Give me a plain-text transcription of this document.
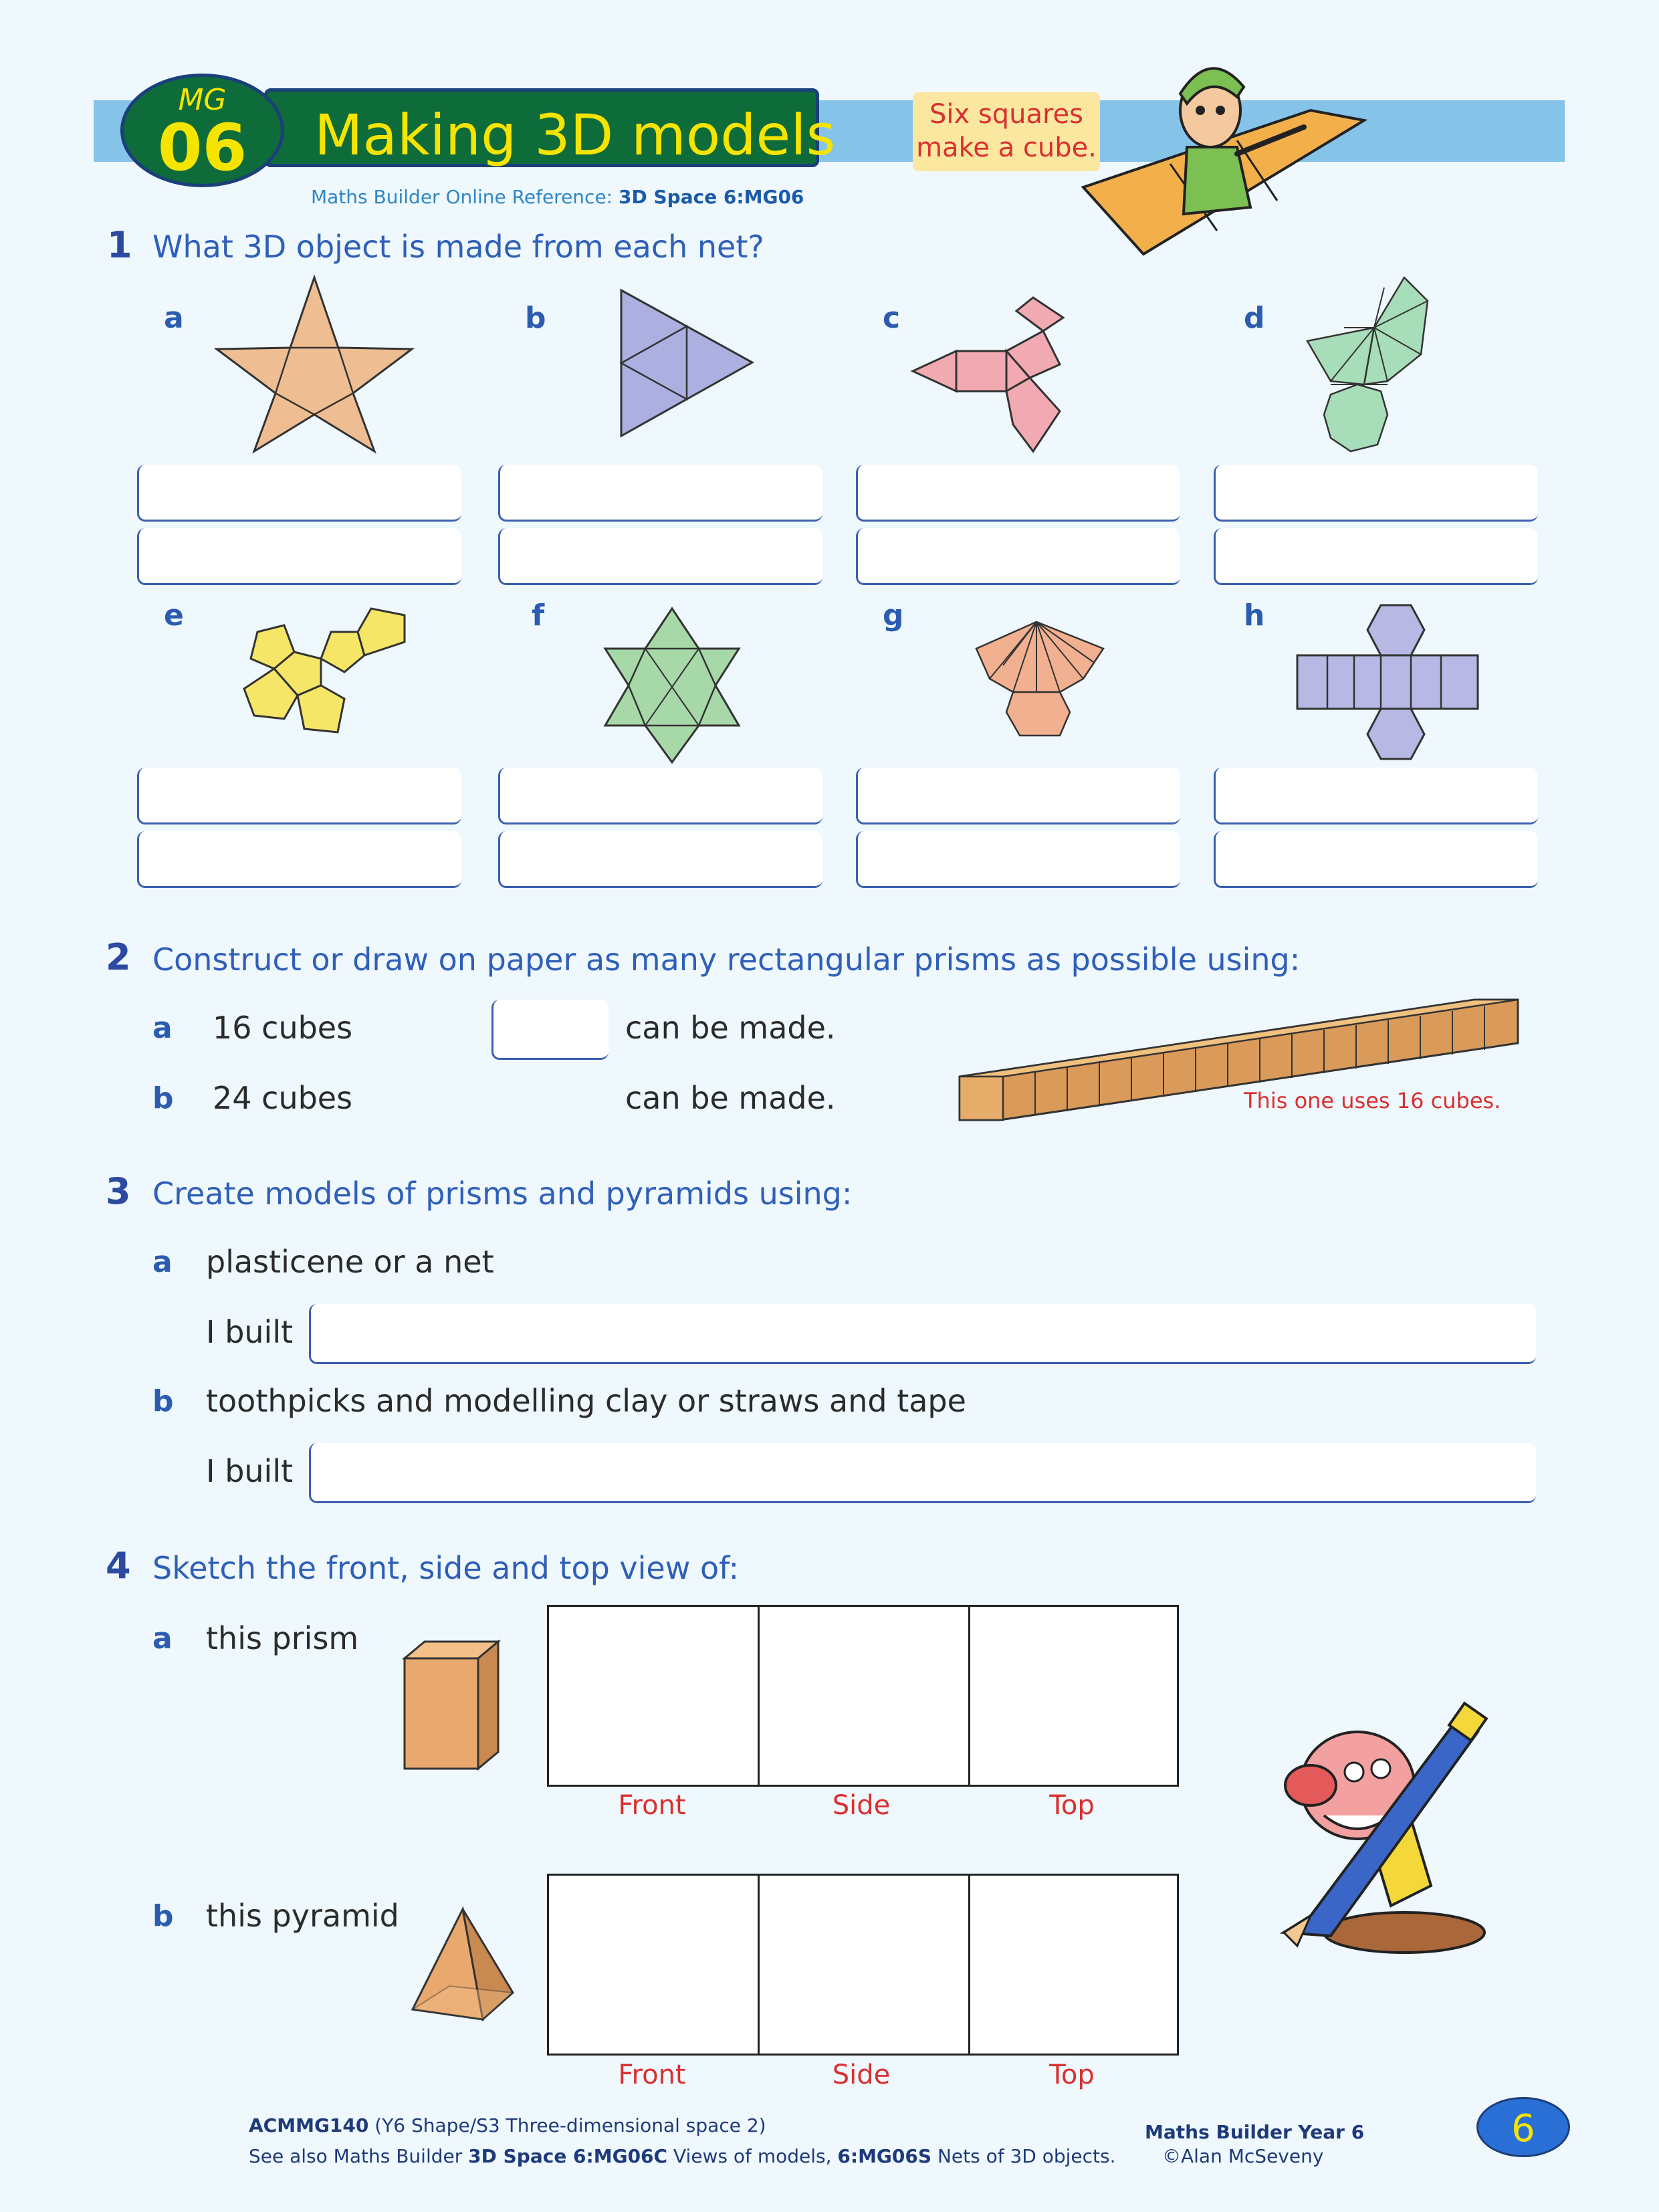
Making 3D models
MG
06
Maths Builder Online Reference: 3D Space 6:MG06
Six squares
make a cube.
1 What 3D object is made from each net?
a	b	c	d
e	f	g	h
2 Construct or draw on paper as many rectangular prisms as possible using:
a 16 cubes	can be made.
b 24 cubes	can be made.	This one uses 16 cubes.
3 Create models of prisms and pyramids using:
a plasticene or a net
I built
b toothpicks and modelling clay or straws and tape
I built
4 Sketch the front, side and top view of:
a this prism
b this pyramid
Front	Side	Top
Front	Side	Top
ACMMG140 (Y6 Shape/S3 Three-dimensional space 2)
See also Maths Builder 3D Space 6:MG06C Views of models, 6:MG06S Nets of 3D objects.
Maths Builder Year 6
©Alan McSeveny
6
